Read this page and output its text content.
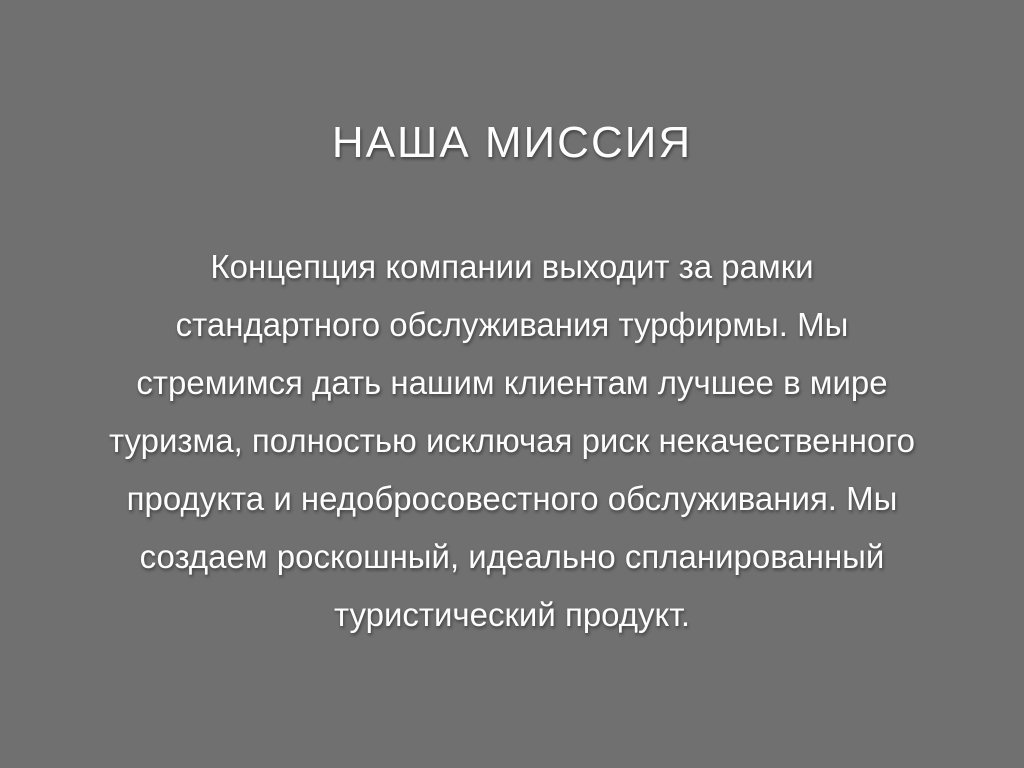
НАША МИССИЯ
Концепция компании выходит за рамки
стандартного обслуживания турфирмы. Мы
стремимся дать нашим клиентам лучшее в мире
туризма, полностью исключая риск некачественного
продукта и недобросовестного обслуживания. Мы
создаем роскошный, идеально спланированный
туристический продукт.
